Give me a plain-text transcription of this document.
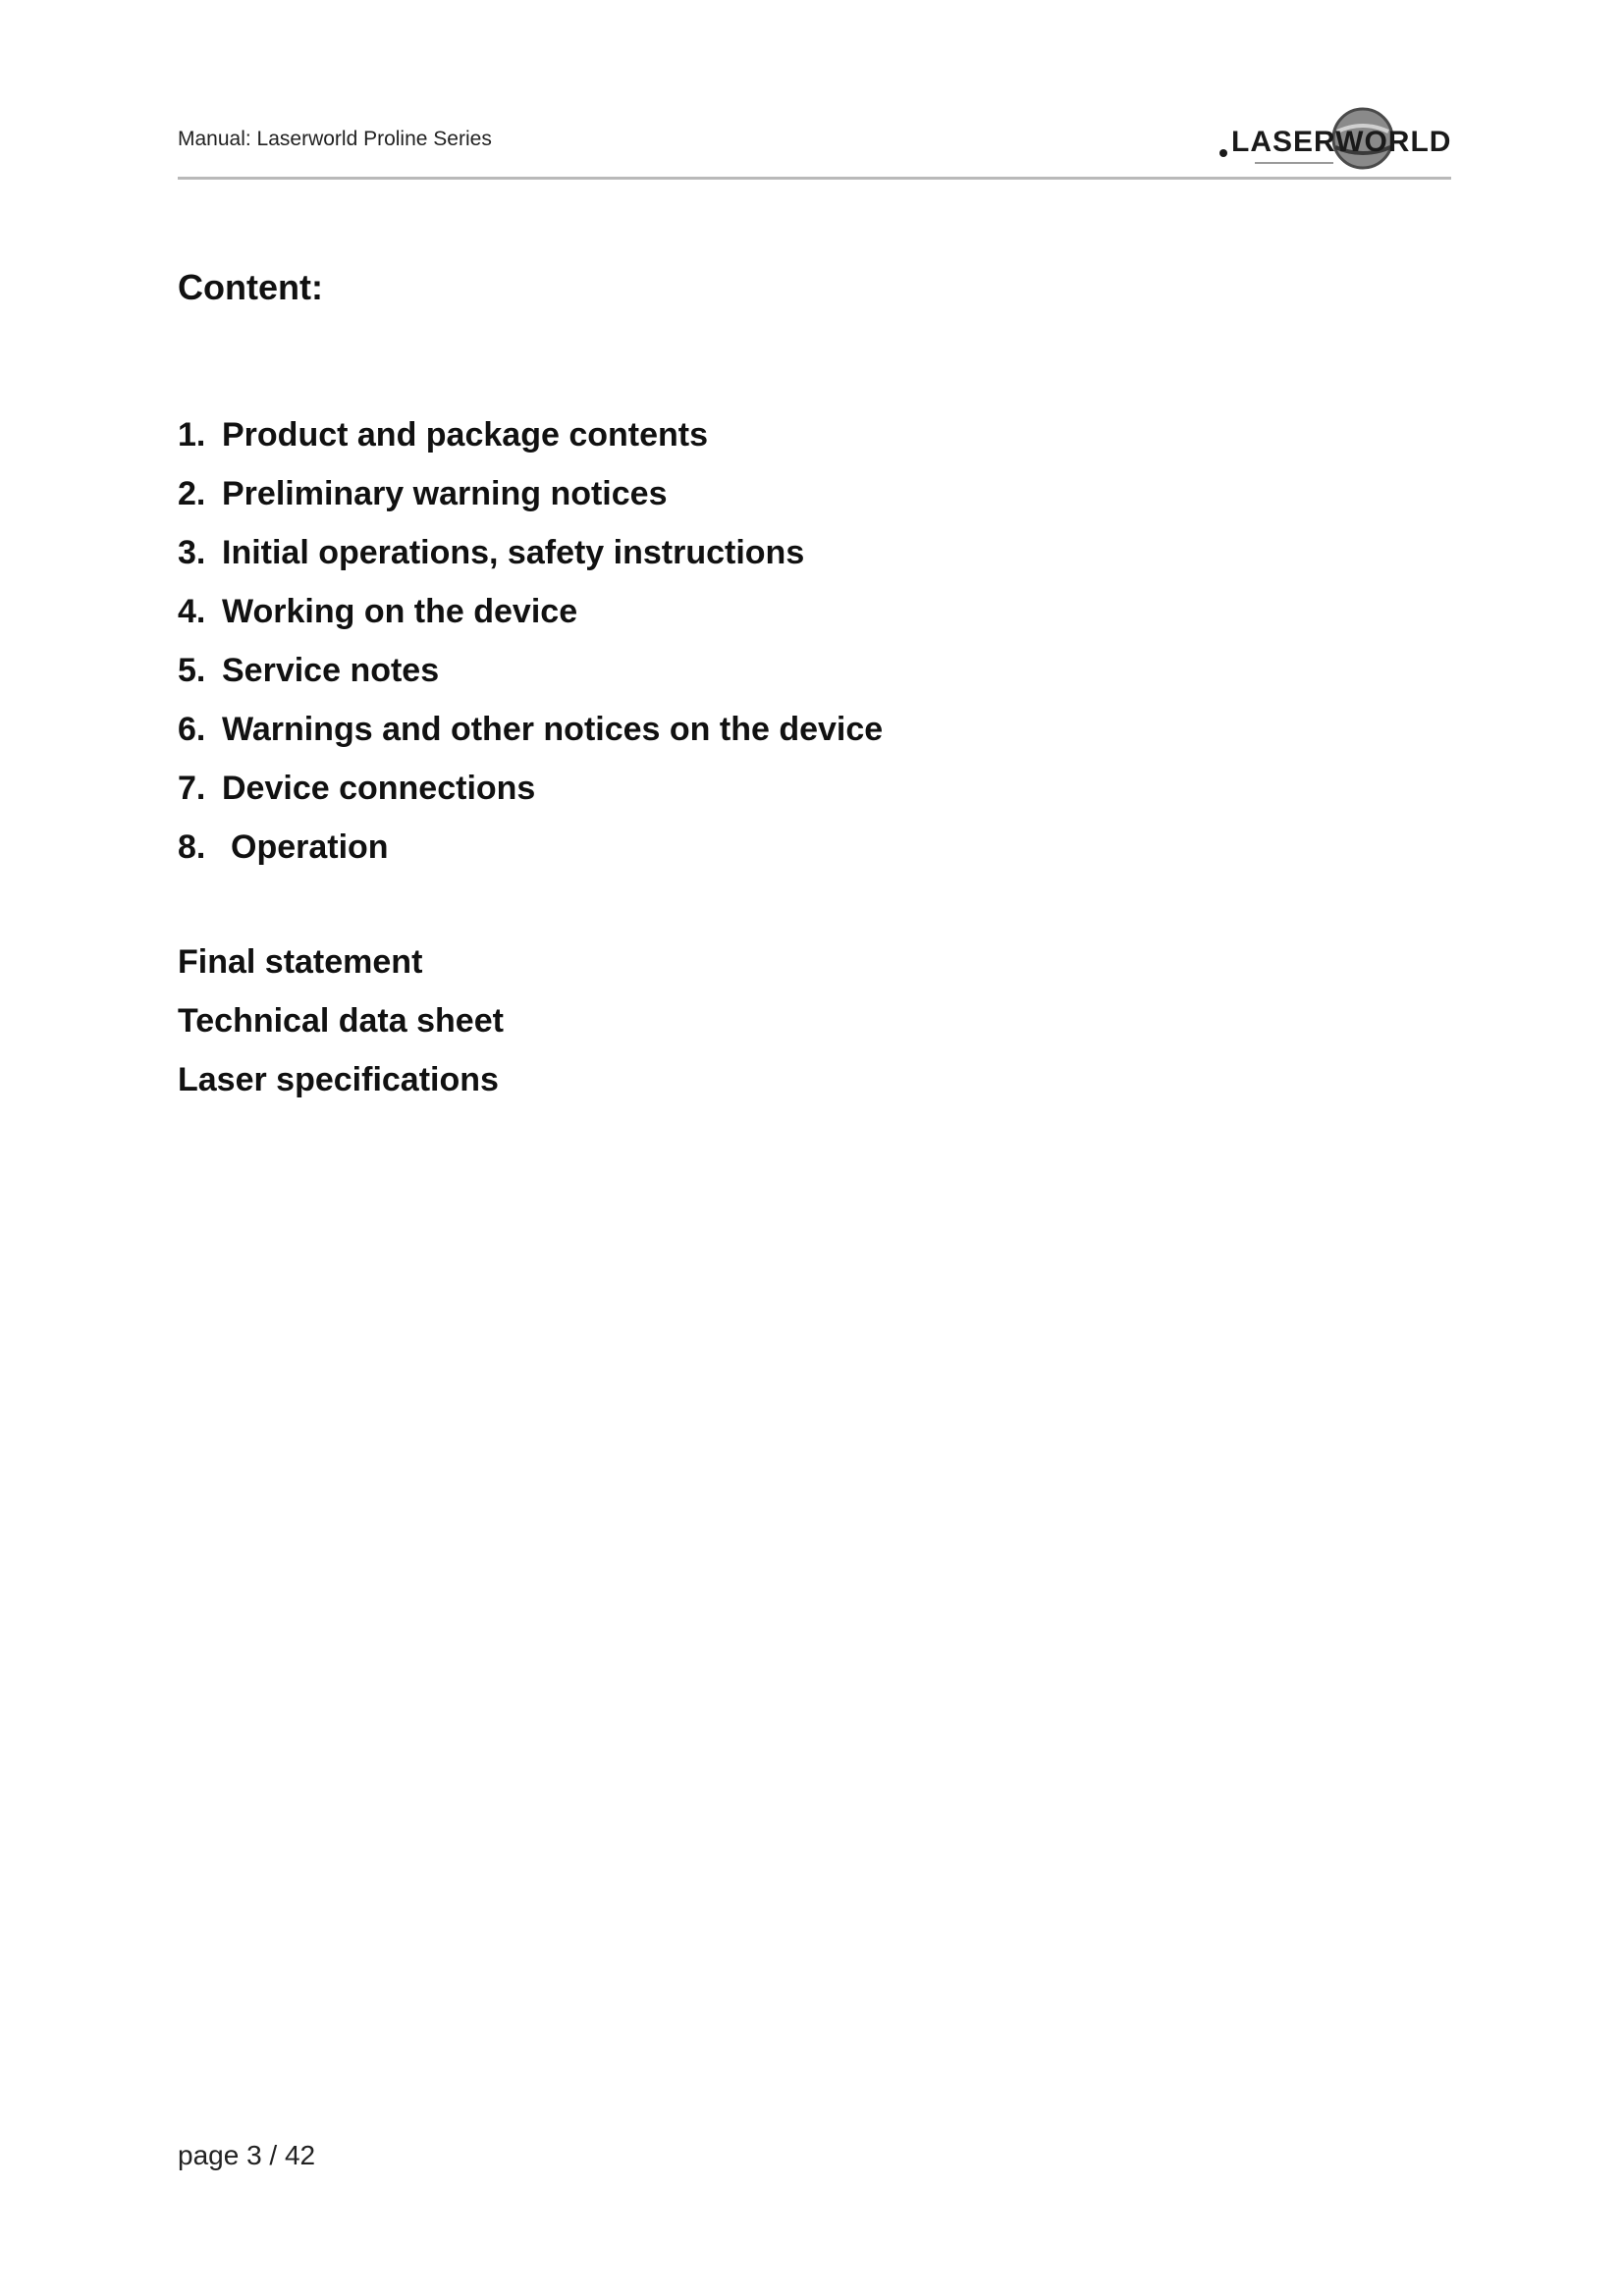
Manual: Laserworld Proline Series	LASERWORLD
Content:
1. Product and package contents
2. Preliminary warning notices
3. Initial operations, safety instructions
4. Working on the device
5. Service notes
6. Warnings and other notices on the device
7. Device connections
8. Operation
Final statement
Technical data sheet
Laser specifications
page 3 / 42
